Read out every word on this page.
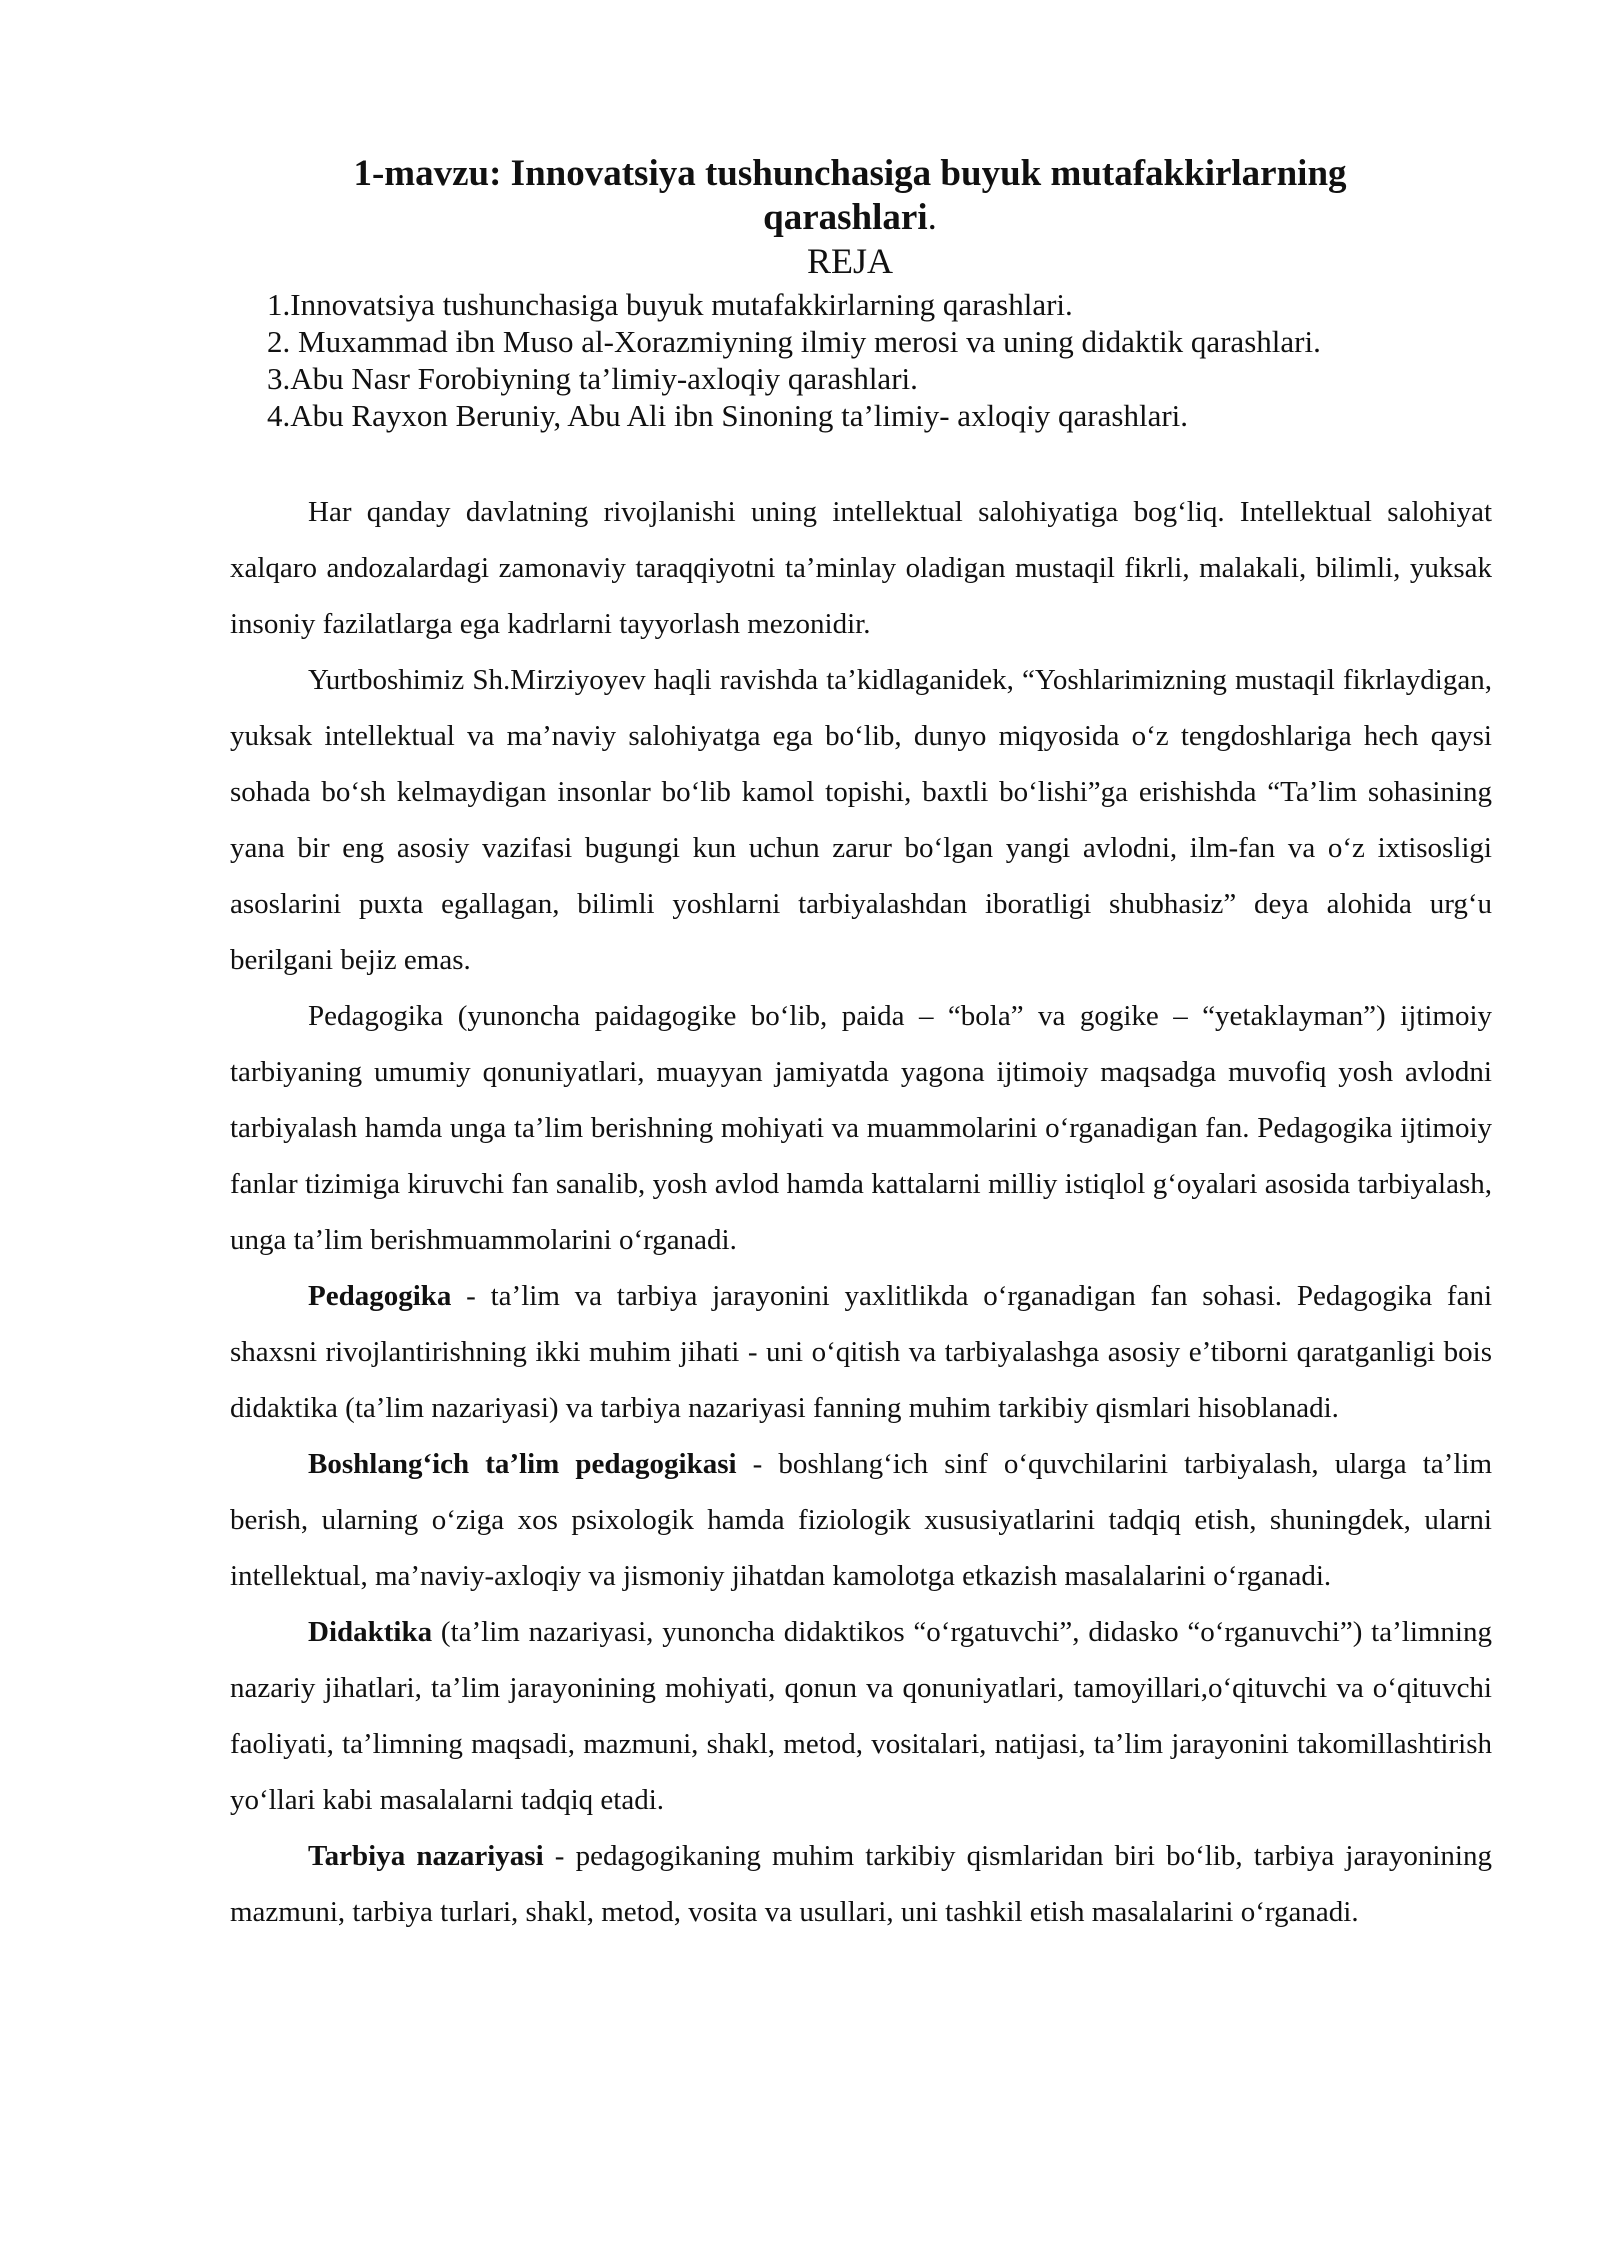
1-mavzu: Innovatsiya tushunchasiga buyuk mutafakkirlarning qarashlari.
REJA
1.Innovatsiya tushunchasiga buyuk mutafakkirlarning qarashlari.
2. Muxammad ibn Muso al-Xorazmiyning ilmiy merosi va uning didaktik qarashlari.
3.Abu Nasr Forobiyning ta’limiy-axloqiy qarashlari.
4.Abu Rayxon Beruniy, Abu Ali ibn Sinoning ta’limiy- axloqiy qarashlari.

Har qanday davlatning rivojlanishi uning intellektual salohiyatiga bog‘liq. Intellektual salohiyat xalqaro andozalardagi zamonaviy taraqqiyotni ta’minlay oladigan mustaqil fikrli, malakali, bilimli, yuksak insoniy fazilatlarga ega kadrlarni tayyorlash mezonidir.

Yurtboshimiz Sh.Mirziyoyev haqli ravishda ta’kidlaganidek, “Yoshlarimizning mustaqil fikrlaydigan, yuksak intellektual va ma’naviy salohiyatga ega bo‘lib, dunyo miqyosida o‘z tengdoshlariga hech qaysi sohada bo‘sh kelmaydigan insonlar bo‘lib kamol topishi, baxtli bo‘lishi”ga erishishda “Ta’lim sohasining yana bir eng asosiy vazifasi bugungi kun uchun zarur bo‘lgan yangi avlodni, ilm-fan va o‘z ixtisosligi asoslarini puxta egallagan, bilimli yoshlarni tarbiyalashdan iboratligi shubhasiz” deya alohida urg‘u berilgani bejiz emas.

Pedagogika (yunoncha paidagogike bo‘lib, paida – “bola” va gogike – “yetaklayman”) ijtimoiy tarbiyaning umumiy qonuniyatlari, muayyan jamiyatda yagona ijtimoiy maqsadga muvofiq yosh avlodni tarbiyalash hamda unga ta’lim berishning mohiyati va muammolarini o‘rganadigan fan. Pedagogika ijtimoiy fanlar tizimiga kiruvchi fan sanalib, yosh avlod hamda kattalarni milliy istiqlol g‘oyalari asosida tarbiyalash, unga ta’lim berishmuammolarini o‘rganadi.

Pedagogika - ta’lim va tarbiya jarayonini yaxlitlikda o‘rganadigan fan sohasi. Pedagogika fani shaxsni rivojlantirishning ikki muhim jihati - uni o‘qitish va tarbiyalashga asosiy e’tiborni qaratganligi bois didaktika (ta’lim nazariyasi) va tarbiya nazariyasi fanning muhim tarkibiy qismlari hisoblanadi.

Boshlang‘ich ta’lim pedagogikasi - boshlang‘ich sinf o‘quvchilarini tarbiyalash, ularga ta’lim berish, ularning o‘ziga xos psixologik hamda fiziologik xususiyatlarini tadqiq etish, shuningdek, ularni intellektual, ma’naviy-axloqiy va jismoniy jihatdan kamolotga etkazish masalalarini o‘rganadi.

Didaktika (ta’lim nazariyasi, yunoncha didaktikos “o‘rgatuvchi”, didasko “o‘rganuvchi”) ta’limning nazariy jihatlari, ta’lim jarayonining mohiyati, qonun va qonuniyatlari, tamoyillari,o‘qituvchi va o‘qituvchi faoliyati, ta’limning maqsadi, mazmuni, shakl, metod, vositalari, natijasi, ta’lim jarayonini takomillashtirish yo‘llari kabi masalalarni tadqiq etadi.

Tarbiya nazariyasi - pedagogikaning muhim tarkibiy qismlaridan biri bo‘lib, tarbiya jarayonining mazmuni, tarbiya turlari, shakl, metod, vosita va usullari, uni tashkil etish masalalarini o‘rganadi.
